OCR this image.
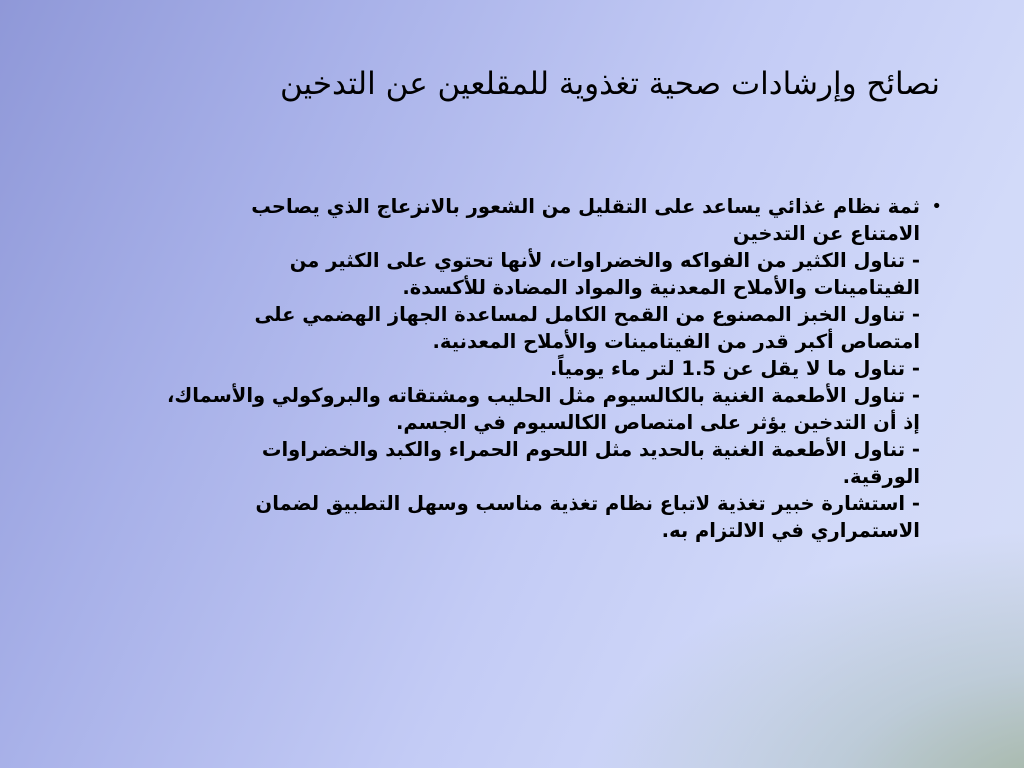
نصائح وإرشادات صحية تغذوية للمقلعين عن التدخين
•
ثمة نظام غذائي يساعد على التقليل من الشعور بالانزعاج الذي يصاحب
الامتناع عن التدخين
- تناول الكثير من الفواكه والخضراوات، لأنها تحتوي على الكثير من
الفيتامينات والأملاح المعدنية والمواد المضادة للأكسدة.
- تناول الخبز المصنوع من القمح الكامل لمساعدة الجهاز الهضمي على
امتصاص أكبر قدر من الفيتامينات والأملاح المعدنية.
- تناول ما لا يقل عن 1.5 لتر ماء يومياً.
- تناول الأطعمة الغنية بالكالسيوم مثل الحليب ومشتقاته والبروكولي والأسماك،
إذ أن التدخين يؤثر على امتصاص الكالسيوم في الجسم.
- تناول الأطعمة الغنية بالحديد مثل اللحوم الحمراء والكبد والخضراوات
الورقية.
- استشارة خبير تغذية لاتباع نظام تغذية مناسب وسهل التطبيق لضمان
الاستمراري في الالتزام به.
